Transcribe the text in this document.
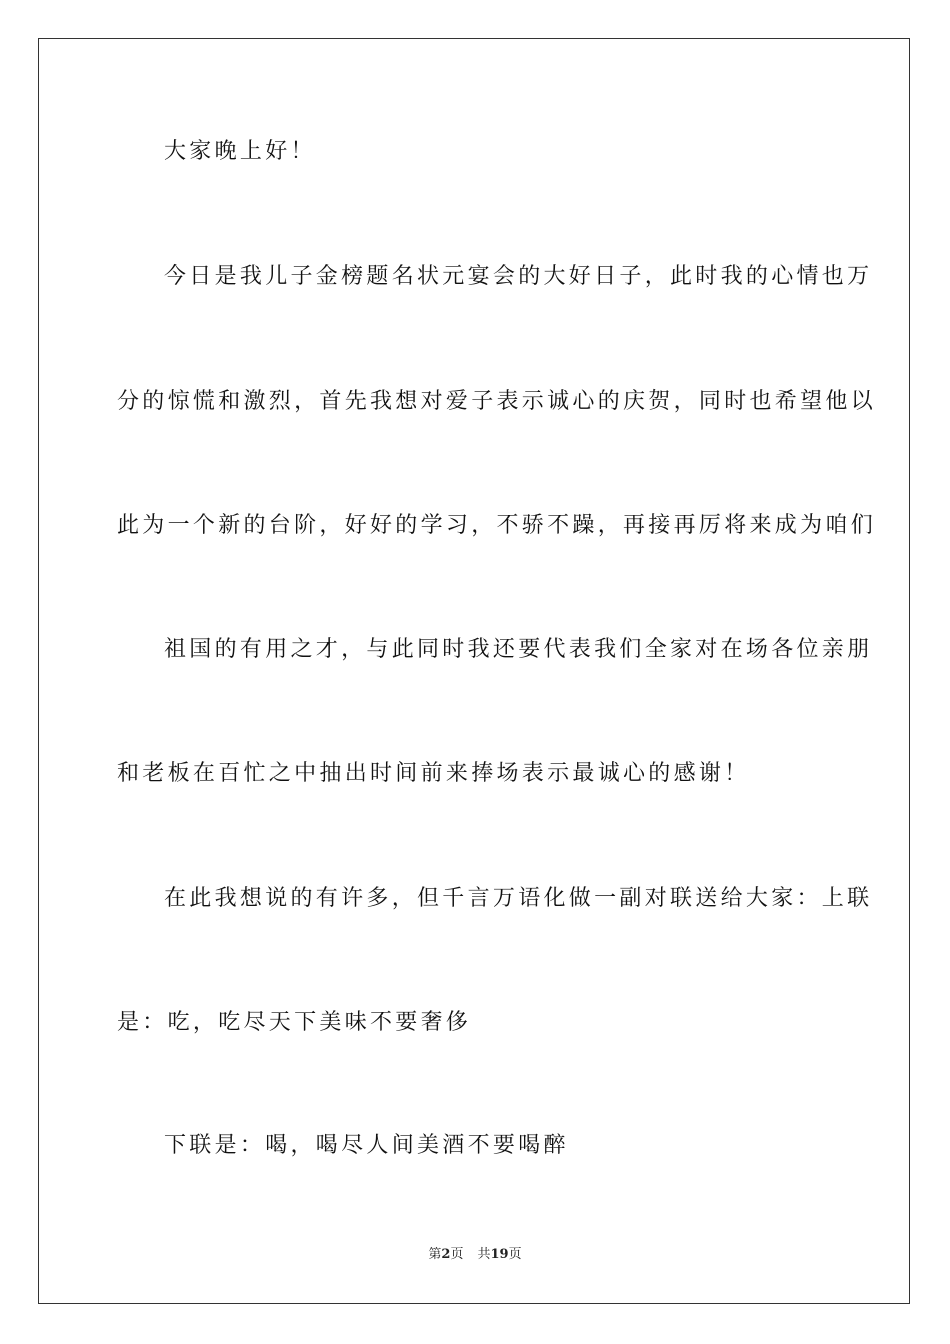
大家晚上好！
今日是我儿子金榜题名状元宴会的大好日子，此时我的心情也万
分的惊慌和激烈，首先我想对爱子表示诚心的庆贺，同时也希望他以
此为一个新的台阶，好好的学习，不骄不躁，再接再厉将来成为咱们
祖国的有用之才，与此同时我还要代表我们全家对在场各位亲朋
和老板在百忙之中抽出时间前来捧场表示最诚心的感谢！
在此我想说的有许多，但千言万语化做一副对联送给大家：上联
是：吃，吃尽天下美味不要奢侈
下联是：喝，喝尽人间美酒不要喝醉
第2页 共19页
